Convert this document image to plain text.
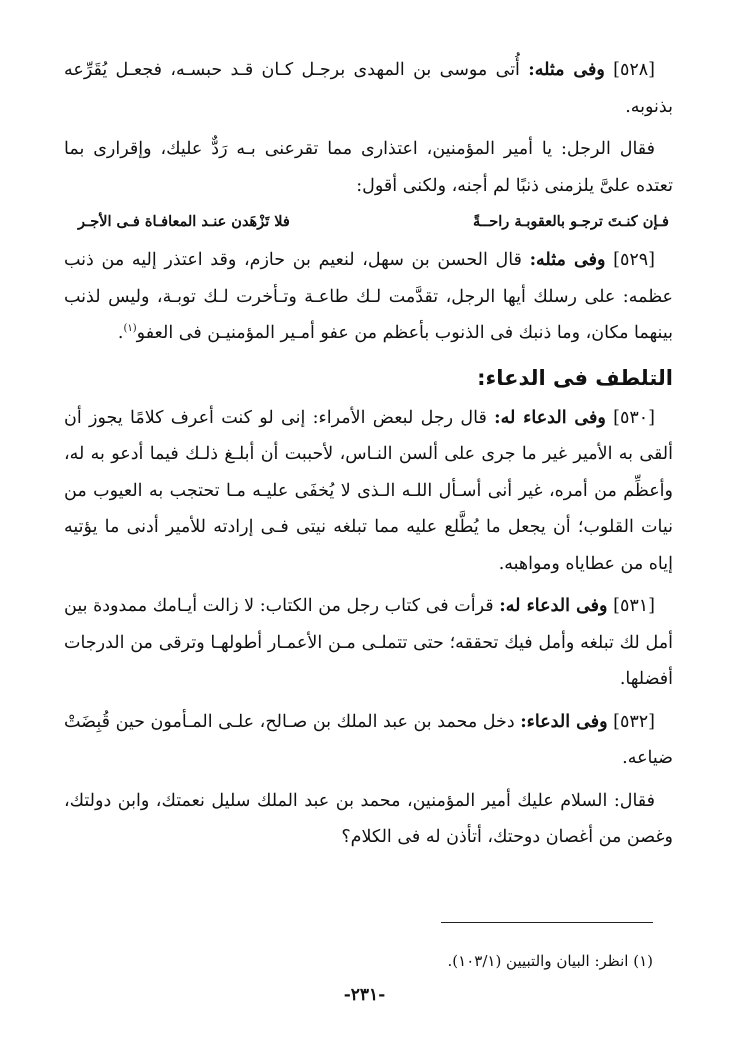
[٥٢٨] وفى مثله: أُتى موسى بن المهدى برجـل كـان قـد حبسـه، فجعـل يُقَرِّعه بذنوبه.

فقال الرجل: يا أمير المؤمنين، اعتذارى مما تقرعنى بـه رَدٌّ عليك، وإقرارى بما تعتده علىَّ يلزمنى ذنبًا لم أجنه، ولكنى أقول:

فـإن كنـتَ ترجـو بالعقوبـة راحــةً
فلا تَزْهَدن عنـد المعافـاة فـى الأجـر

[٥٢٩] وفى مثله: قال الحسن بن سهل، لنعيم بن حازم، وقد اعتذر إليه من ذنب عظمه: على رسلك أيها الرجل، تقدَّمت لـك طاعـة وتـأخرت لـك توبـة، وليس لذنب بينهما مكان، وما ذنبك فى الذنوب بأعظم من عفو أمـير المؤمنيـن فى العفو$^{(١)}$.

التلطف فى الدعاء:

[٥٣٠] وفى الدعاء له: قال رجل لبعض الأمراء: إنى لو كنت أعرف كلامًا يجوز أن ألقى به الأمير غير ما جرى على ألسن النـاس، لأحببت أن أبلـغ ذلـك فيما أدعو به له، وأعظِّم من أمره، غير أنى أسـأل اللـه الـذى لا يُخفَى عليـه مـا تحتجب به العيوب من نيات القلوب؛ أن يجعل ما يُطَّلع عليه مما تبلغه نيتى فـى إرادته للأمير أدنى ما يؤتيه إياه من عطاياه ومواهبه.

[٥٣١] وفى الدعاء له: قرأت فى كتاب رجل من الكتاب: لا زالت أيـامك ممدودة بين أمل لك تبلغه وأمل فيك تحققه؛ حتى تتملـى مـن الأعمـار أطولهـا وترقى من الدرجات أفضلها.

[٥٣٢] وفى الدعاء: دخل محمد بن عبد الملك بن صـالح، علـى المـأمون حين قُبِضَتْ ضياعه.

فقال: السلام عليك أمير المؤمنين، محمد بن عبد الملك سليل نعمتك، وابن دولتك، وغصن من أغصان دوحتك، أتأذن له فى الكلام؟

(١) انظر: البيان والتبيين (١٠٣/١).
-٢٣١-
